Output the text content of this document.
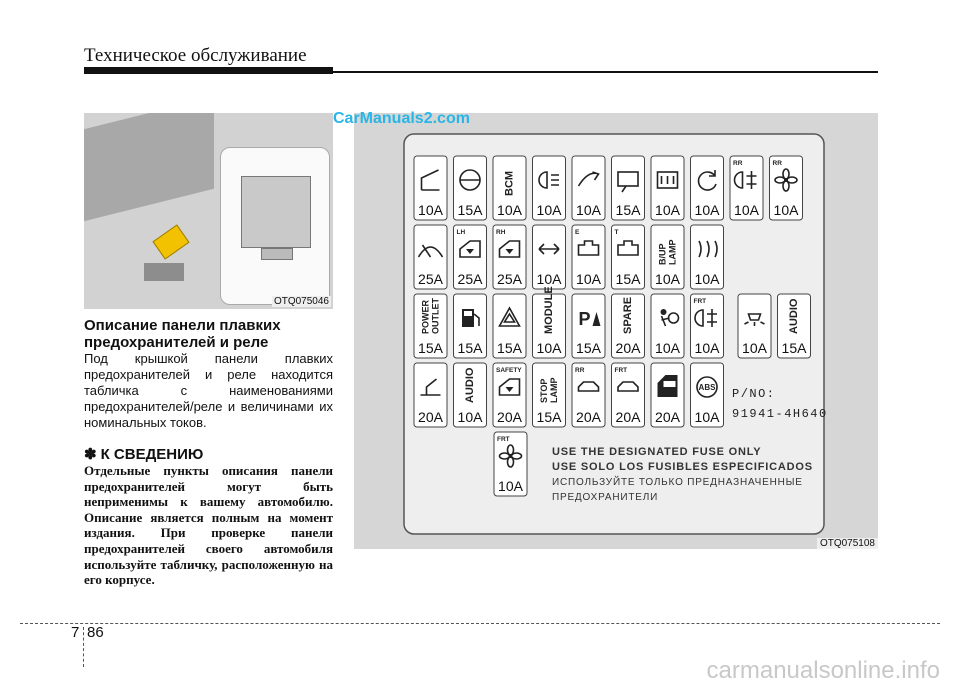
Техническое обслуживание
OTQ075046
Описание панели плавких предохранителей и реле
Под крышкой панели плавких предохранителей и реле находится табличка с наименованиями предохранителей/реле и величинами их номинальных токов.
✽ К СВЕДЕНИЮ
Отдельные пункты описания панели предохранителей могут быть неприменимы к вашему автомобилю. Описание является полным на момент издания. При проверке панели предохранителей своего автомобиля используйте табличку, расположенную на его корпусе.
10A 15A
BCM
10A 10A 10A 15A 10A 10A
RR
10A
RR
10A
25A
LH
25A
RH
25A 10A
E
10A
T
15A
B/UPLAMP
10A 10A
POWEROUTLET
15A 15A 15A
MODULE
10A
P
15A
SPARE
20A 10A
FRT
10A 10A
AUDIO
15A
20A
AUDIO
10A
SAFETY
20A
STOPLAMP
15A
RR
20A
FRT
20A 20A
ABS
10A
FRT
10A
P/NO:
91941-4H640
USE THE DESIGNATED FUSE ONLY
USE SOLO LOS FUSIBLES ESPECIFICADOS
ИСПОЛЬЗУЙТЕ ТОЛЬКО ПРЕДНАЗНАЧЕННЫЕ
ПРЕДОХРАНИТЕЛИ
OTQ075108
CarManuals2.com
7 86
carmanualsonline.info
